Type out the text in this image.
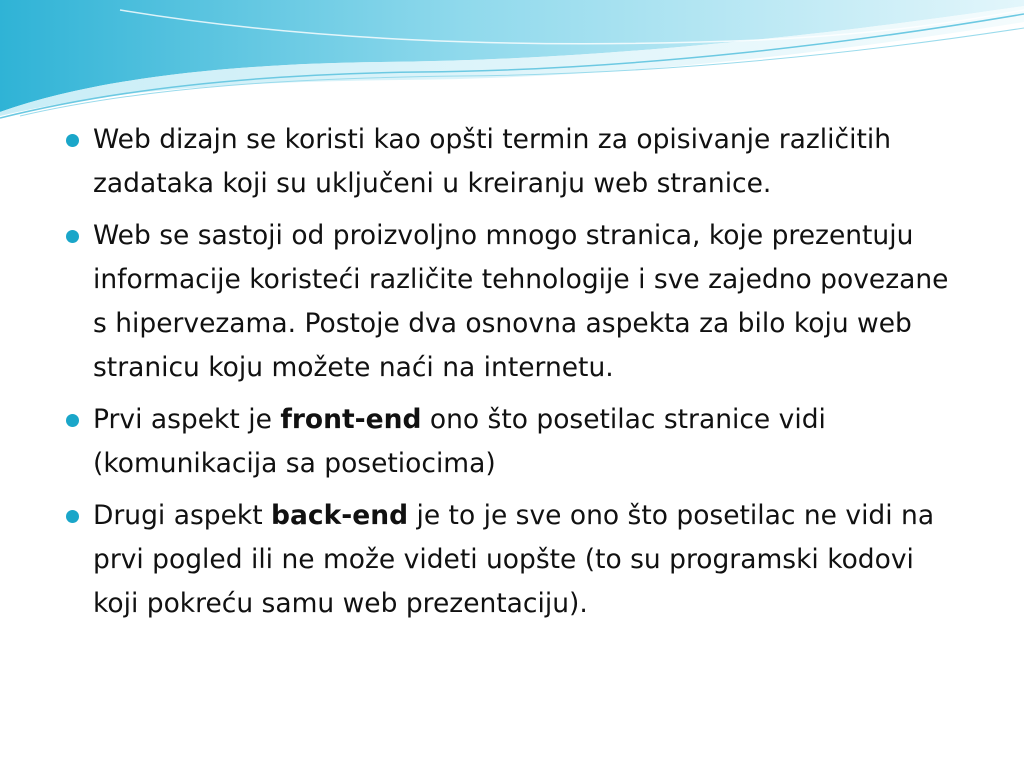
Web dizajn se koristi kao opšti termin za opisivanje različitih zadataka koji su uključeni u kreiranju web stranice.
Web se sastoji od proizvoljno mnogo stranica, koje prezentuju informacije koristeći različite tehnologije i sve zajedno povezane s hipervezama. Postoje dva osnovna aspekta za bilo koju web stranicu koju možete naći na internetu.
Prvi aspekt je front-end ono što posetilac stranice vidi (komunikacija sa posetiocima)
Drugi aspekt back-end je to je sve ono što posetilac ne vidi na prvi pogled ili ne može videti uopšte (to su programski kodovi koji pokreću samu web prezentaciju).
